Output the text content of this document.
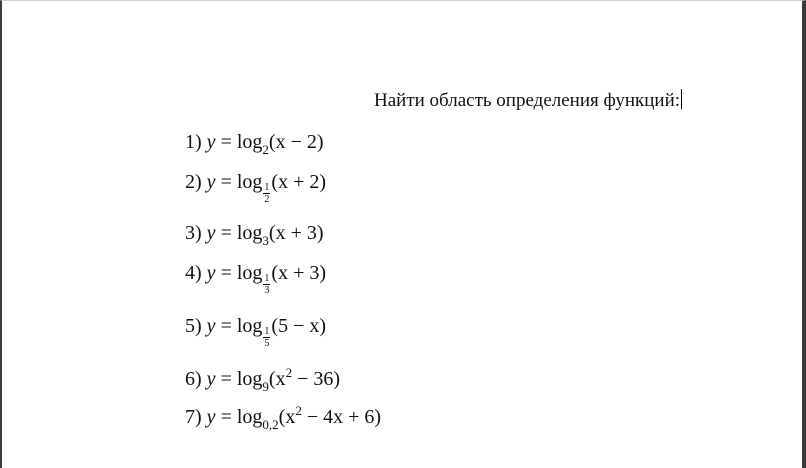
Найти область определения функций:
1) $y = \log_2(x - 2)$
2) $y = \log \frac{1}{2} (x + 2)$
3) $y = \log_3(x + 3)$
4) $y = \log \frac{1}{3} (x + 3)$
5) $y = \log \frac{1}{5} (5 - x)$
6) $y = \log_9(x^2 - 36)$
7) $y = \log_{0,2}(x^2 - 4x + 6)$
